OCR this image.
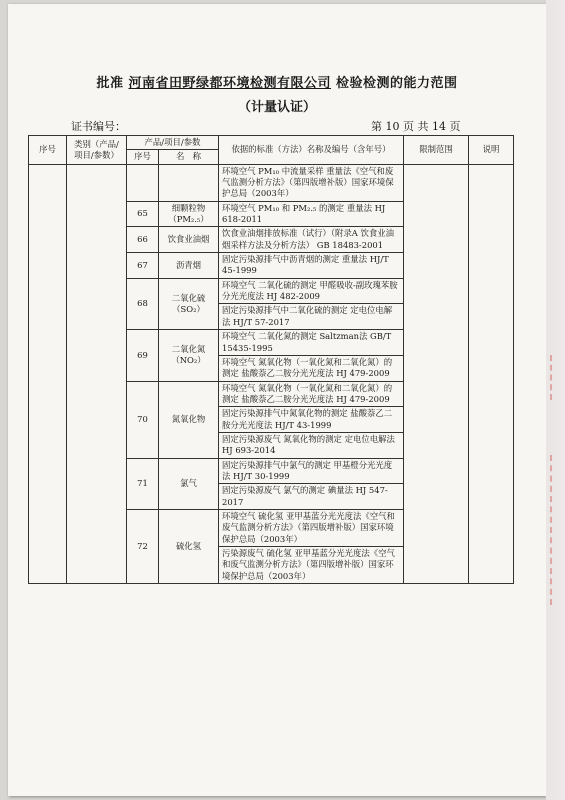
批准 河南省田野绿都环境检测有限公司 检验检测的能力范围
（计量认证）
证书编号：	第 10 页 共 14 页
序号	类别（产品/项目/参数）	产品/项目/参数		依据的标准（方法）名称及编号（含年号）	限制范围	说明
		序号	名　称			
				环境空气 PM₁₀ 中流量采样 重量法《空气和废气监测分析方法》（第四版增补版）国家环境保护总局（2003年）		
		65	细颗粒物（PM₂.₅）	环境空气 PM₁₀ 和 PM₂.₅ 的测定 重量法 HJ 618-2011		
		66	饮食业油烟	饮食业油烟排放标准（试行）（附录A 饮食业油烟采样方法及分析方法） GB 18483-2001		
		67	沥青烟	固定污染源排气中沥青烟的测定 重量法 HJ/T 45-1999		
		68	二氧化硫（SO₂）	环境空气 二氧化硫的测定 甲醛吸收-副玫瑰苯胺分光光度法 HJ 482-2009		
				固定污染源排气中二氧化硫的测定 定电位电解法 HJ/T 57-2017		
		69	二氧化氮（NO₂）	环境空气 二氧化氮的测定 Saltzman法 GB/T 15435-1995		
				环境空气 氮氧化物（一氧化氮和二氧化氮）的测定 盐酸萘乙二胺分光光度法 HJ 479-2009		
		70	氮氧化物	环境空气 氮氧化物（一氧化氮和二氧化氮）的测定 盐酸萘乙二胺分光光度法 HJ 479-2009		
				固定污染源排气中氮氧化物的测定 盐酸萘乙二胺分光光度法 HJ/T 43-1999		
				固定污染源废气 氮氧化物的测定 定电位电解法 HJ 693-2014		
		71	氯气	固定污染源排气中氯气的测定 甲基橙分光光度法 HJ/T 30-1999		
				固定污染源废气 氯气的测定 碘量法 HJ 547-2017		
		72	硫化氢	环境空气 硫化氢 亚甲基蓝分光光度法《空气和废气监测分析方法》（第四版增补版）国家环境保护总局（2003年）		
				污染源废气 硫化氢 亚甲基蓝分光光度法《空气和废气监测分析方法》（第四版增补版）国家环境保护总局（2003年）		
